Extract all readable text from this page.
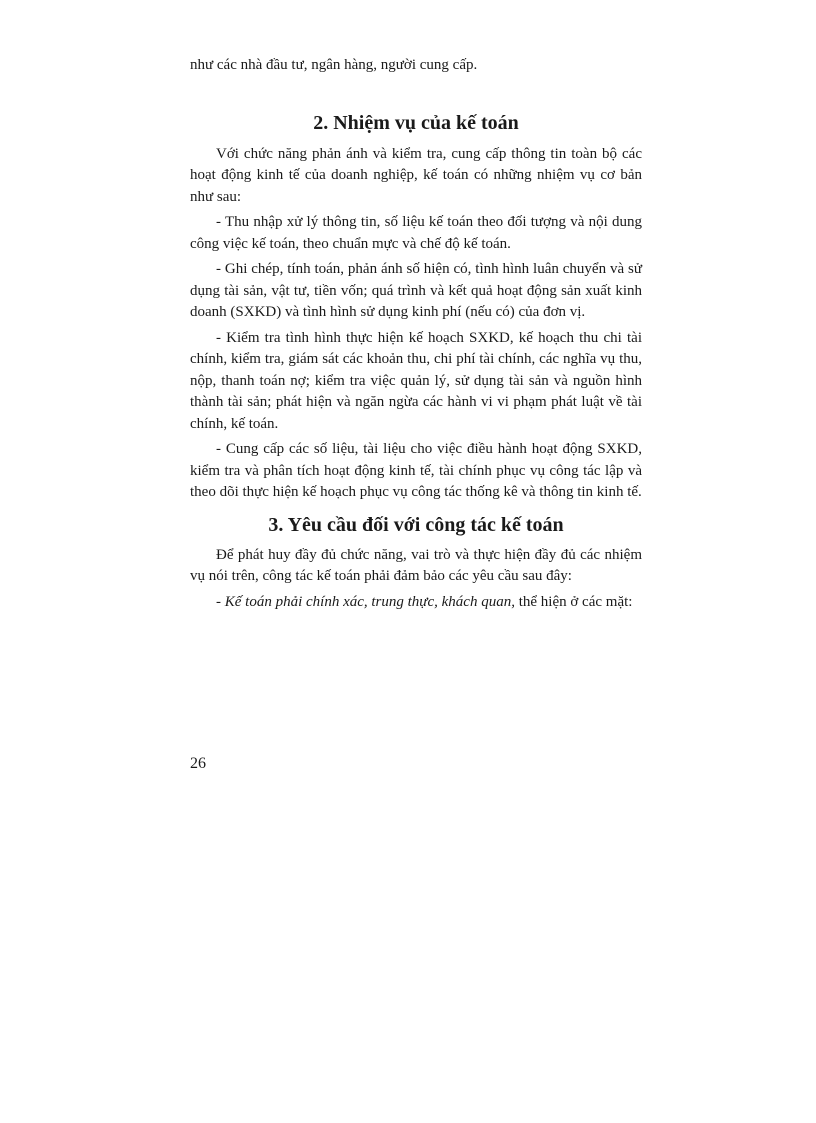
như các nhà đầu tư, ngân hàng, người cung cấp.

2. Nhiệm vụ của kế toán

Với chức năng phản ánh và kiểm tra, cung cấp thông tin toàn bộ các hoạt động kinh tế của doanh nghiệp, kế toán có những nhiệm vụ cơ bản như sau:

- Thu nhập xử lý thông tin, số liệu kế toán theo đối tượng và nội dung công việc kế toán, theo chuẩn mực và chế độ kế toán.

- Ghi chép, tính toán, phản ánh số hiện có, tình hình luân chuyển và sử dụng tài sản, vật tư, tiền vốn; quá trình và kết quả hoạt động sản xuất kinh doanh (SXKD) và tình hình sử dụng kinh phí (nếu có) của đơn vị.

- Kiểm tra tình hình thực hiện kế hoạch SXKD, kế hoạch thu chi tài chính, kiểm tra, giám sát các khoản thu, chi phí tài chính, các nghĩa vụ thu, nộp, thanh toán nợ; kiểm tra việc quản lý, sử dụng tài sản và nguồn hình thành tài sản; phát hiện và ngăn ngừa các hành vi vi phạm phát luật về tài chính, kế toán.

- Cung cấp các số liệu, tài liệu cho việc điều hành hoạt động SXKD, kiểm tra và phân tích hoạt động kinh tế, tài chính phục vụ công tác lập và theo dõi thực hiện kế hoạch phục vụ công tác thống kê và thông tin kinh tế.

3. Yêu cầu đối với công tác kế toán

Để phát huy đầy đủ chức năng, vai trò và thực hiện đầy đủ các nhiệm vụ nói trên, công tác kế toán phải đảm bảo các yêu cầu sau đây:

- Kế toán phải chính xác, trung thực, khách quan, thể hiện ở các mặt:

26
